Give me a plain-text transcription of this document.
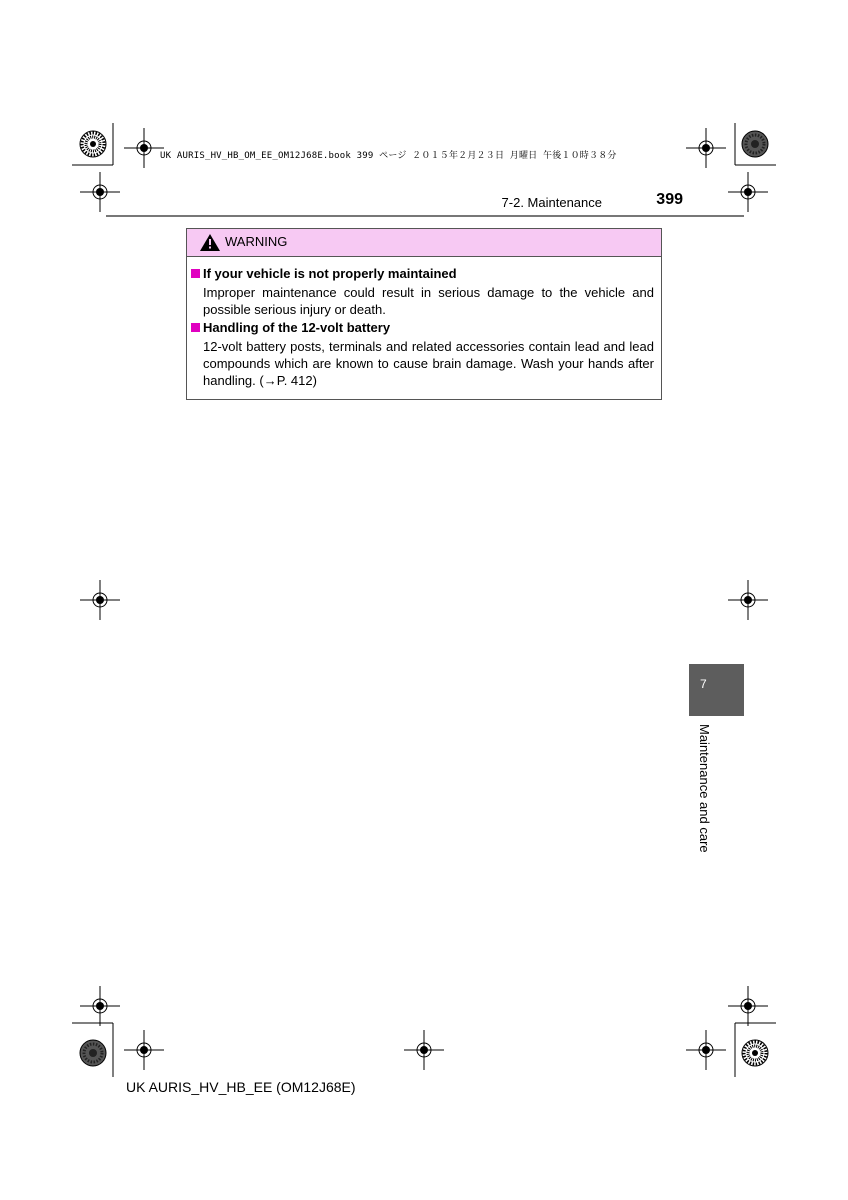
UK AURIS_HV_HB_OM_EE_OM12J68E.book 399 ページ ２０１５年２月２３日 月曜日 午後１０時３８分
7-2. Maintenance	399
WARNING
If your vehicle is not properly maintained
Improper maintenance could result in serious damage to the vehicle and possible serious injury or death.
Handling of the 12-volt battery
12-volt battery posts, terminals and related accessories contain lead and lead compounds which are known to cause brain damage. Wash your hands after handling. (→P. 412)
7
Maintenance and care
UK AURIS_HV_HB_EE (OM12J68E)
